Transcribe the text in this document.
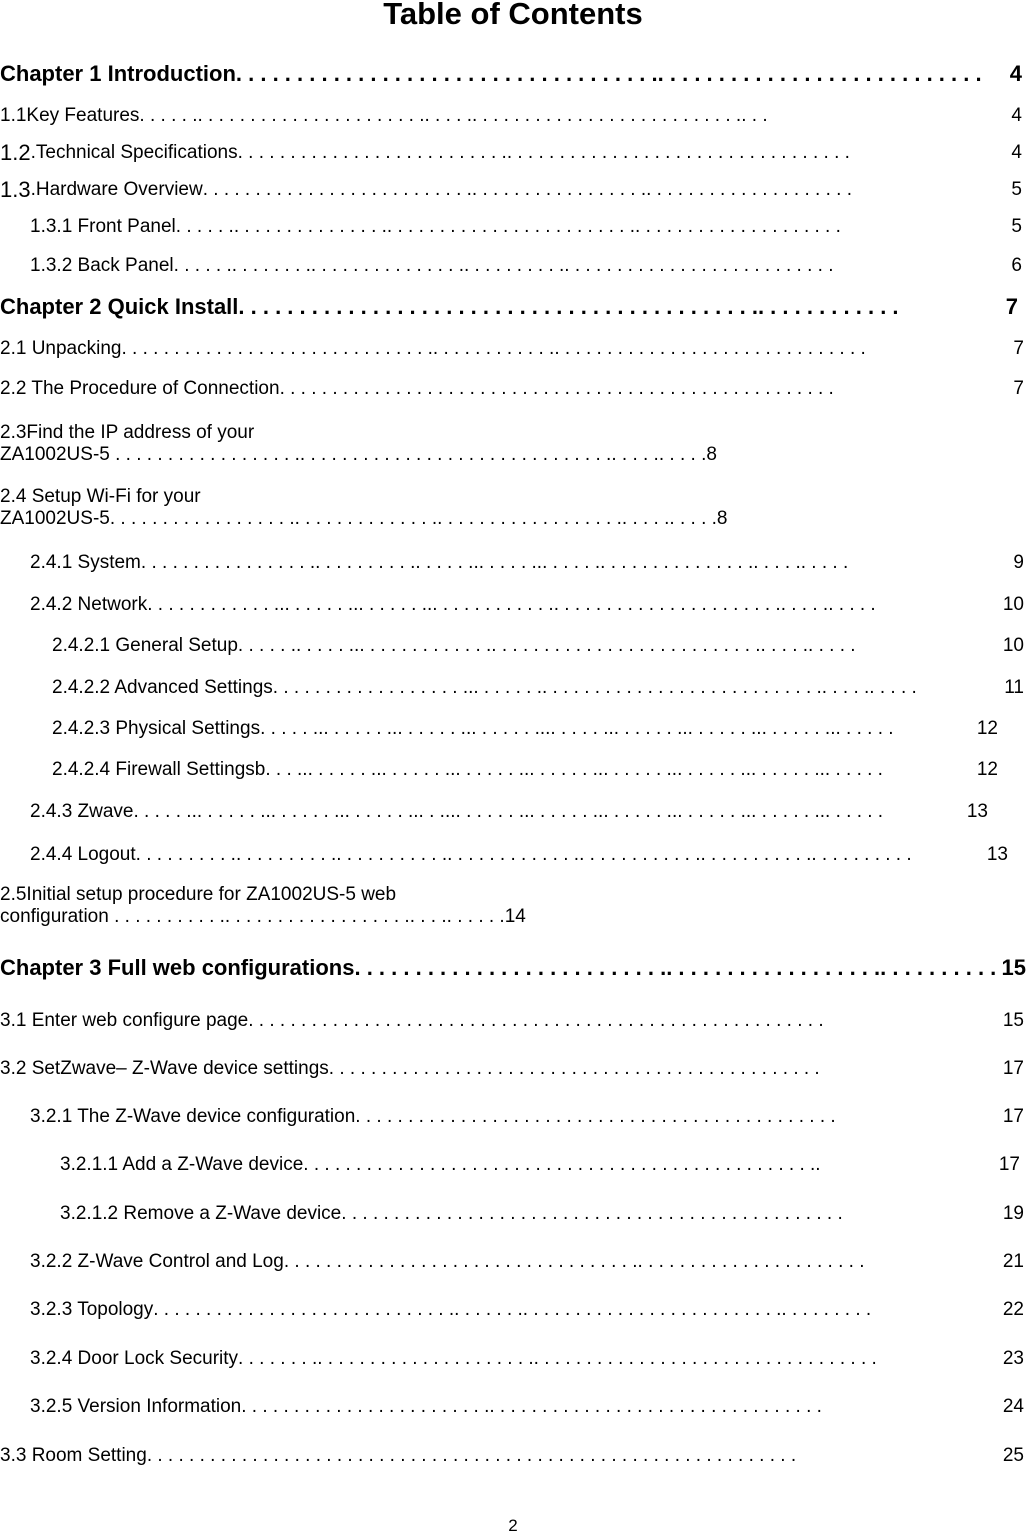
Table of Contents
Chapter 1 Introduction. . . . . . . . . . . . . . . . . . . . . . . . . . . . . . . . . . .. . . . . . . . . . . . . . . . . . . . . . . . . . . 4
1.1Key Features. . . . . .. . . . . . . . . . . . . . . . . . . . . .. . . . .. . . . . . . . . . . . . . . . . . . . . . . . . .. . .	4
1.2.Technical Specifications. . . . . . . . . . . . . . . . . . . . . . . . . .. . . . . . . . . . . . . . . . . . . . . . . . . . . . . . . . .	4
1.3.Hardware Overview. . . . . . . . . . . . . . . . . . . . . . . . . .. . . . . . . . . . . . . . . . .. . . . . . . . . . . . . . . . . . . .	5
1.3.1 Front Panel. . . . . .. . . . . . . . . . . . . . .. . . . . . . . . . . . . . . . . . . . . . . .. . . . . . . . . . . . . . . . . . . .	5
1.3.2 Back Panel. . . . . .. . . . . . . .. . . . . . . . . . . . . . .. . . . . . . . . .. . . . . . . . . . . . . . . . . . . . . . . . . .	6
Chapter 2 Quick Install. . . . . . . . . . . . . . . . . . . . . . . . . . . . . . . . . . . . . . . . . . .. . . . . . . . . . . .	7
2.1 Unpacking. . . . . . . . . . . . . . . . . . . . . . . . . . . . . .. . . . . . . . . . . .. . . . . . . . . . . . . . . . . . . . . . . . . . . . . .	7
2.2 The Procedure of Connection. . . . . . . . . . . . . . . . . . . . . . . . . . . . . . . . . . . . . . . . . . . . . . . . . . . . .	7
2.3Find the IP address of your
ZA1002US-5 . . . . . . . . . . . . . . . . . .. . . . . . . . . . . . . . . . . . . . . . . . . . . . . .. . . . .. . . . .8
2.4 Setup Wi-Fi for your
ZA1002US-5. . . . . . . . . . . . . . . . . .. . . . . . . . . . . . . .. . . . . . . . . . . . . . . . . .. . . . .. . . . .8
2.4.1 System. . . . . . . . . . . . . . . . .. . . . . . . . . .. . . . . ... . . . . ... . . . . .. . . . . . . . . . . . . . .. . . . .. . . . .	9
2.4.2 Network. . . . . . . . . . . . ... . . . . . ... . . . . . ... . . . . . . . . . . .. . . . . . . . . . . . . . . . . . . . . .. . . . .. . . . .	10
2.4.2.1 General Setup. . . . . .. . . . . ... . . . . . . . . . . . .. . . . . . . . . . . . . . . . . . . . . . . . . .. . . . .. . . . .	10
2.4.2.2 Advanced Settings. . . . . . . . . . . . . . . . . . ... . . . . . .. . . . . . . . . . . . . . . . . . . . . . . . . . .. . . . .. . . . .	11
2.4.2.3 Physical Settings. . . . . ... . . . . . ... . . . . . ... . . . . . .... . . . . ... . . . . . ... . . . . . ... . . . . . ... . . . . .	12
2.4.2.4 Firewall Settingsb. . . ... . . . . . ... . . . . . ... . . . . . ... . . . . . ... . . . . . ... . . . . . ... . . . . . ... . . . . .	12
2.4.3 Zwave. . . . . ... . . . . . ... . . . . . ... . . . . . ... . .... . . . . . ... . . . . . ... . . . . . ... . . . . . ... . . . . . ... . . . . .	13
2.4.4 Logout. . . . . . . . . .. . . . . . . . . .. . . . . . . . . . .. . . . . . . . . . . . .. . . . . . . . . . . .. . . . . . . . . . .. . . . . . . . . .	13
2.5Initial setup procedure for ZA1002US-5 web
configuration . . . . . . . . . . .. . . . . . . . . . . . . . . . . .. . . .. . . . . .14
Chapter 3 Full web configurations. . . . . . . . . . . . . . . . . . . . . . . . . .. . . . . . . . . . . . . . . . . .. . . . . . . . . . 15
3.1 Enter web configure page. . . . . . . . . . . . . . . . . . . . . . . . . . . . . . . . . . . . . . . . . . . . . . . . . . . . . . .	15
3.2 SetZwave– Z-Wave device settings. . . . . . . . . . . . . . . . . . . . . . . . . . . . . . . . . . . . . . . . . . . . . . .	17
3.2.1 The Z-Wave device configuration. . . . . . . . . . . . . . . . . . . . . . . . . . . . . . . . . . . . . . . . . . . . . .	17
3.2.1.1 Add a Z-Wave device. . . . . . . . . . . . . . . . . . . . . . . . . . . . . . . . . . . . . . . . . . . . . . . . ..	17
3.2.1.2 Remove a Z-Wave device. . . . . . . . . . . . . . . . . . . . . . . . . . . . . . . . . . . . . . . . . . . . . . . .	19
3.2.2 Z-Wave Control and Log. . . . . . . . . . . . . . . . . . . . . . . . . . . . . . . . . .. . . . . . . . . . . . . . . . . . . . . .	21
3.2.3 Topology. . . . . . . . . . . . . . . . . . . . . . . . . . . . .. . . . . . .. . . . . . . . . . . . . . . . . . . . . . . . .. . . . . . . . .	22
3.2.4 Door Lock Security. . . . . . . .. . . . . . . . . . . . . . . . . . . . .. . . . . . . . . . . . . . . . . . . . . . . . . . . . . . . . .	23
3.2.5 Version Information. . . . . . . . . . . . . . . . . . . . . . . .. . . . . . . . . . . . . . . . . . . . . . . . . . . . . . . .	24
3.3 Room Setting. . . . . . . . . . . . . . . . . . . . . . . . . . . . . . . . . . . . . . . . . . . . . . . . . . . . . . . . . . . . . .	25
2
